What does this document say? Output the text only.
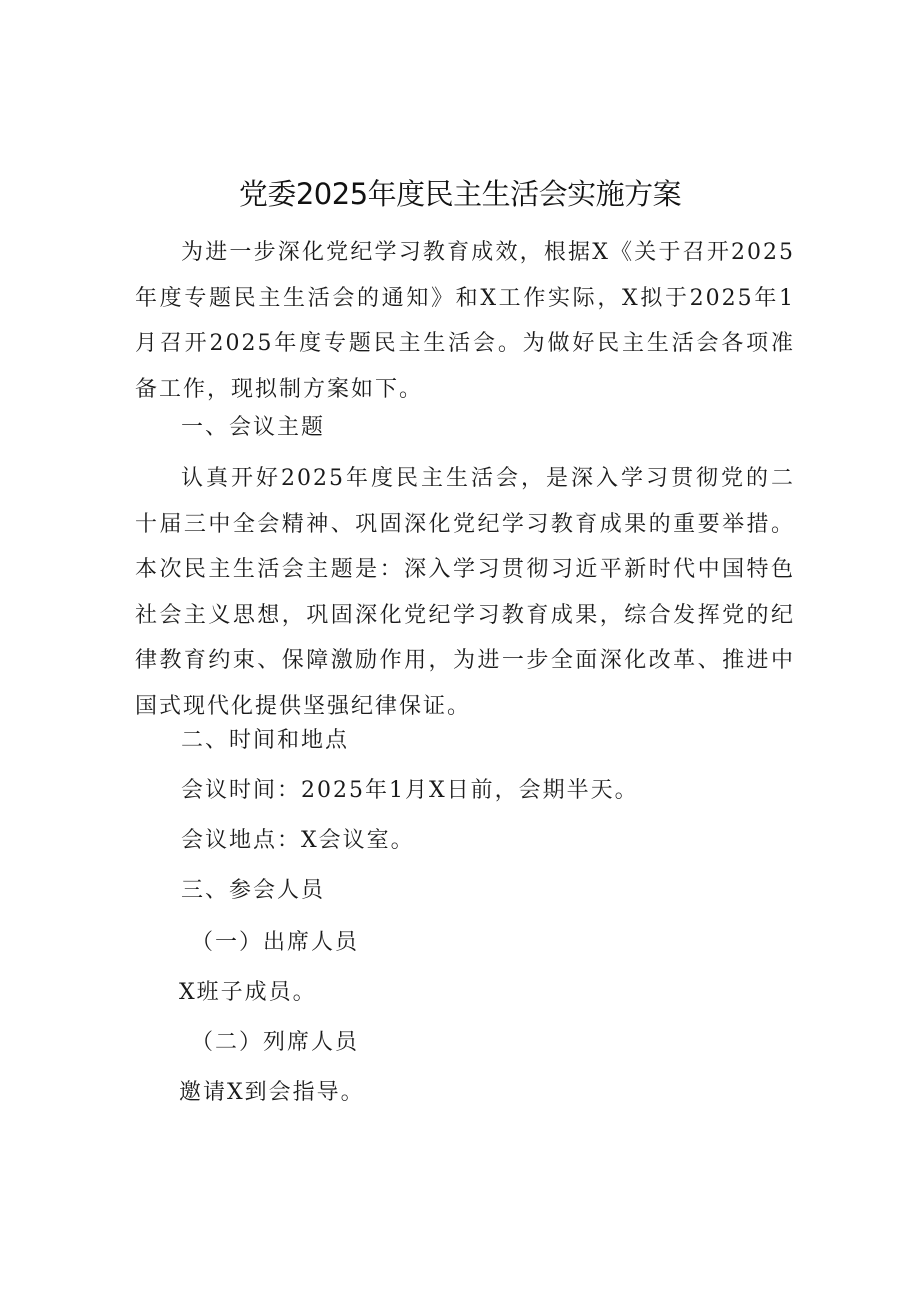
党委2025年度民主生活会实施方案

为进一步深化党纪学习教育成效，根据X《关于召开2025年度专题民主生活会的通知》和X工作实际，X拟于2025年1月召开2025年度专题民主生活会。为做好民主生活会各项准备工作，现拟制方案如下。

一、会议主题

认真开好2025年度民主生活会，是深入学习贯彻党的二十届三中全会精神、巩固深化党纪学习教育成果的重要举措。本次民主生活会主题是：深入学习贯彻习近平新时代中国特色社会主义思想，巩固深化党纪学习教育成果，综合发挥党的纪律教育约束、保障激励作用，为进一步全面深化改革、推进中国式现代化提供坚强纪律保证。

二、时间和地点
会议时间：2025年1月X日前，会期半天。
会议地点：X会议室。
三、参会人员
（一）出席人员
X班子成员。
（二）列席人员
邀请X到会指导。
